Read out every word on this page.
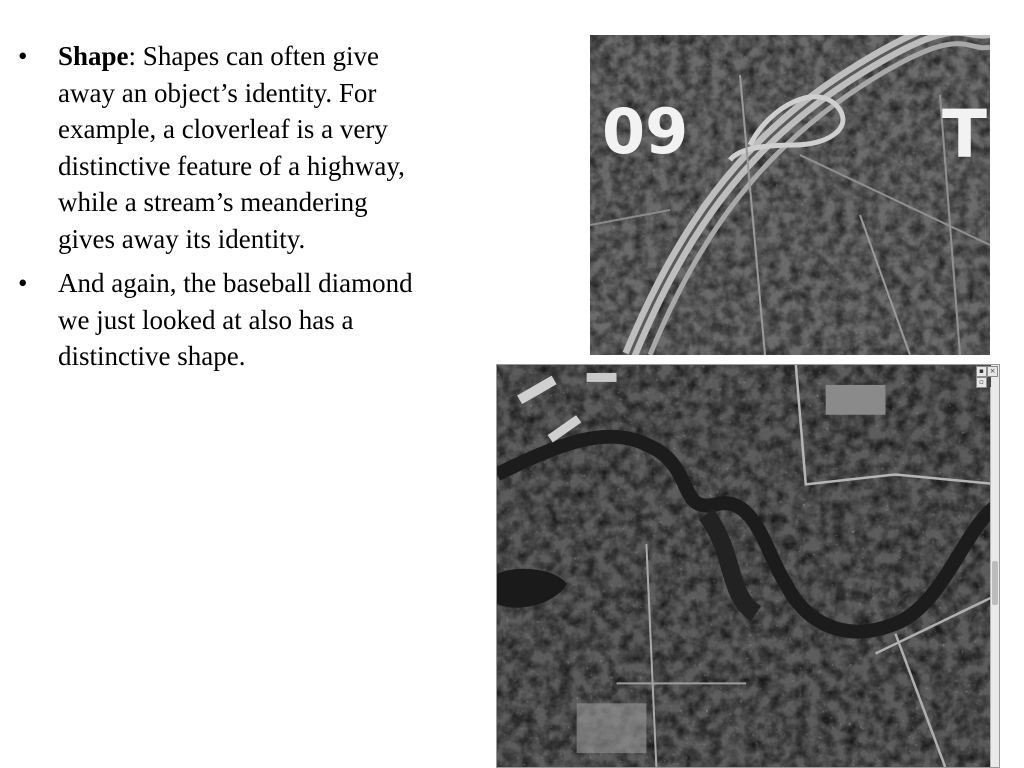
• Shape: Shapes can often give away an object’s identity. For example, a cloverleaf is a very distinctive feature of a highway, while a stream’s meandering gives away its identity.
• And again, the baseball diamond we just looked at also has a distinctive shape.
09	T
▪ ×
▫
